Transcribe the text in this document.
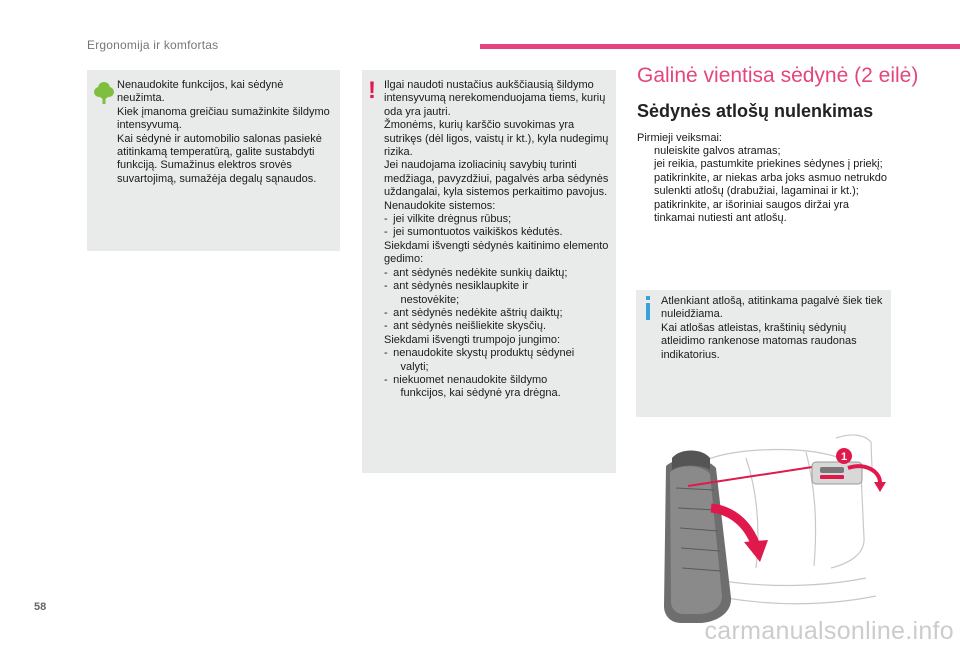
Ergonomija ir komfortas
Nenaudokite funkcijos, kai sėdynė neužimta.
Kiek įmanoma greičiau sumažinkite šildymo intensyvumą.
Kai sėdynė ir automobilio salonas pasiekė atitinkamą temperatūrą, galite sustabdyti funkciją. Sumažinus elektros srovės suvartojimą, sumažėja degalų sąnaudos.
! Ilgai naudoti nustačius aukščiausią šildymo intensyvumą nerekomenduojama tiems, kurių oda yra jautri.
Žmonėms, kurių karščio suvokimas yra sutrikęs (dėl ligos, vaistų ir kt.), kyla nudegimų rizika.
Jei naudojama izoliacinių savybių turinti medžiaga, pavyzdžiui, pagalvės arba sėdynės uždangalai, kyla sistemos perkaitimo pavojus.
Nenaudokite sistemos:
- jei vilkite drėgnus rūbus;
- jei sumontuotos vaikiškos kėdutės.
Siekdami išvengti sėdynės kaitinimo elemento gedimo:
- ant sėdynės nedėkite sunkių daiktų;
- ant sėdynės nesiklaupkite ir
  nestovėkite;
- ant sėdynės nedėkite aštrių daiktų;
- ant sėdynės neišliekite skysčių.
Siekdami išvengti trumpojo jungimo:
- nenaudokite skystų produktų sėdynei
  valyti;
- niekuomet nenaudokite šildymo
  funkcijos, kai sėdynė yra drėgna.
Galinė vientisa sėdynė (2 eilė)
Sėdynės atlošų nulenkimas
Pirmieji veiksmai:
nuleiskite galvos atramas;
jei reikia, pastumkite priekines sėdynes į priekį;
patikrinkite, ar niekas arba joks asmuo netrukdo sulenkti atlošų (drabužiai, lagaminai ir kt.);
patikrinkite, ar išoriniai saugos diržai yra tinkamai nutiesti ant atlošų.
Atlenkiant atlošą, atitinkama pagalvė šiek tiek nuleidžiama.
Kai atlošas atleistas, kraštinių sėdynių atleidimo rankenose matomas raudonas indikatorius.
1
58
carmanualsonline.info
